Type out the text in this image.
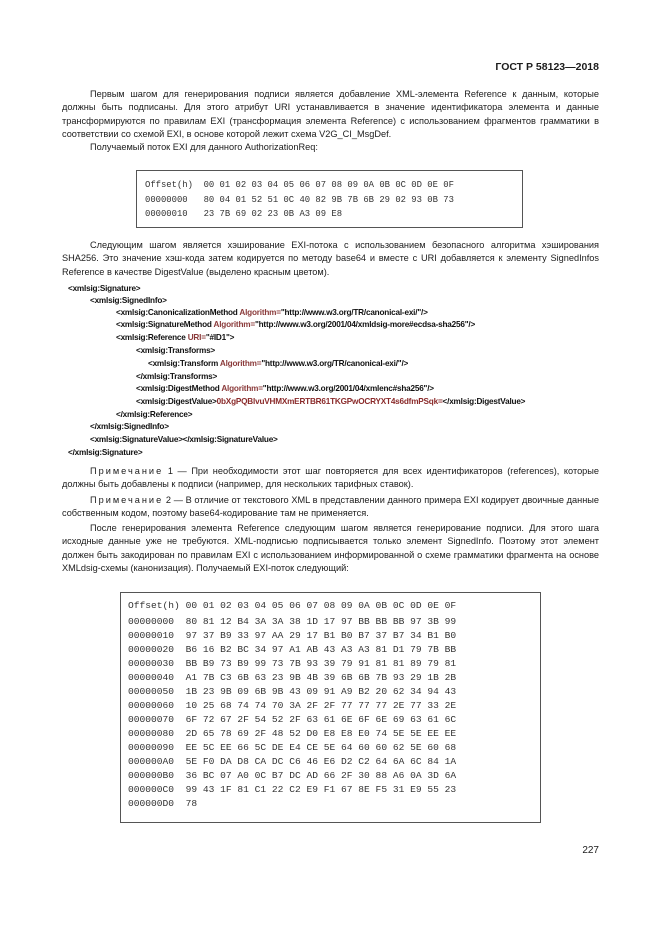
ГОСТ Р 58123—2018
Первым шагом для генерирования подписи является добавление XML-элемента Reference к данным, которые должны быть подписаны. Для этого атрибут URI устанавливается в значение идентификатора элемента и данные трансформируются по правилам EXI (трансформация элемента Reference) с использованием фрагментов грамматики в соответствии со схемой EXI, в основе которой лежит схема V2G_CI_MsgDef.
Получаемый поток EXI для данного AuthorizationReq:
Offset(h)  00 01 02 03 04 05 06 07 08 09 0A 0B 0C 0D 0E 0F
00000000   80 04 01 52 51 0C 40 82 9B 7B 6B 29 02 93 0B 73
00000010   23 7B 69 02 23 0B A3 09 E8
Следующим шагом является хэширование EXI-потока с использованием безопасного алгоритма хэширования SHA256. Это значение хэш-кода затем кодируется по методу base64 и вместе с URI добавляется к элементу SignedInfos Reference в качестве DigestValue (выделено красным цветом).
<xmlsig:Signature>
<xmlsig:SignedInfo>
<xmlsig:CanonicalizationMethod Algorithm="http://www.w3.org/TR/canonical-exi/"/>
<xmlsig:SignatureMethod Algorithm="http://www.w3.org/2001/04/xmldsig-more#ecdsa-sha256"/>
<xmlsig:Reference URI="#ID1">
<xmlsig:Transforms>
<xmlsig:Transform Algorithm="http://www.w3.org/TR/canonical-exi/"/>
</xmlsig:Transforms>
<xmlsig:DigestMethod Algorithm="http://www.w3.org/2001/04/xmlenc#sha256"/>
<xmlsig:DigestValue>0bXgPQBlvuVHMXmERTBR61TKGPwOCRYXT4s6dfmPSqk=</xmlsig:DigestValue>
</xmlsig:Reference>
</xmlsig:SignedInfo>
<xmlsig:SignatureValue></xmlsig:SignatureValue>
</xmlsig:Signature>
Примечание 1 — При необходимости этот шаг повторяется для всех идентификаторов (references), которые должны быть добавлены к подписи (например, для нескольких тарифных ставок).
Примечание 2 — В отличие от текстового XML в представлении данного примера EXI кодирует двоичные данные собственным кодом, поэтому base64-кодирование там не применяется.
После генерирования элемента Reference следующим шагом является генерирование подписи. Для этого шага исходные данные уже не требуются. XML-подписью подписывается только элемент SignedInfo. Поэтому этот элемент должен быть закодирован по правилам EXI с использованием информированной о схеме грамматики фрагмента на основе XMLdsig-схемы (канонизация). Получаемый EXI-поток следующий:
Offset(h) 00 01 02 03 04 05 06 07 08 09 0A 0B 0C 0D 0E 0F
00000000  80 81 12 B4 3A 3A 38 1D 17 97 BB BB BB 97 3B 99
00000010  97 37 B9 33 97 AA 29 17 B1 B0 B7 37 B7 34 B1 B0
00000020  B6 16 B2 BC 34 97 A1 AB 43 A3 A3 81 D1 79 7B BB
00000030  BB B9 73 B9 99 73 7B 93 39 79 91 81 81 89 79 81
00000040  A1 7B C3 6B 63 23 9B 4B 39 6B 6B 7B 93 29 1B 2B
00000050  1B 23 9B 09 6B 9B 43 09 91 A9 B2 20 62 34 94 43
00000060  10 25 68 74 74 70 3A 2F 2F 77 77 77 2E 77 33 2E
00000070  6F 72 67 2F 54 52 2F 63 61 6E 6F 6E 69 63 61 6C
00000080  2D 65 78 69 2F 48 52 D0 E8 E8 E0 74 5E 5E EE EE
00000090  EE 5C EE 66 5C DE E4 CE 5E 64 60 60 62 5E 60 68
000000A0  5E F0 DA D8 CA DC C6 46 E6 D2 C2 64 6A 6C 84 1A
000000B0  36 BC 07 A0 0C B7 DC AD 66 2F 30 88 A6 0A 3D 6A
000000C0  99 43 1F 81 C1 22 C2 E9 F1 67 8E F5 31 E9 55 23
000000D0  78
227
